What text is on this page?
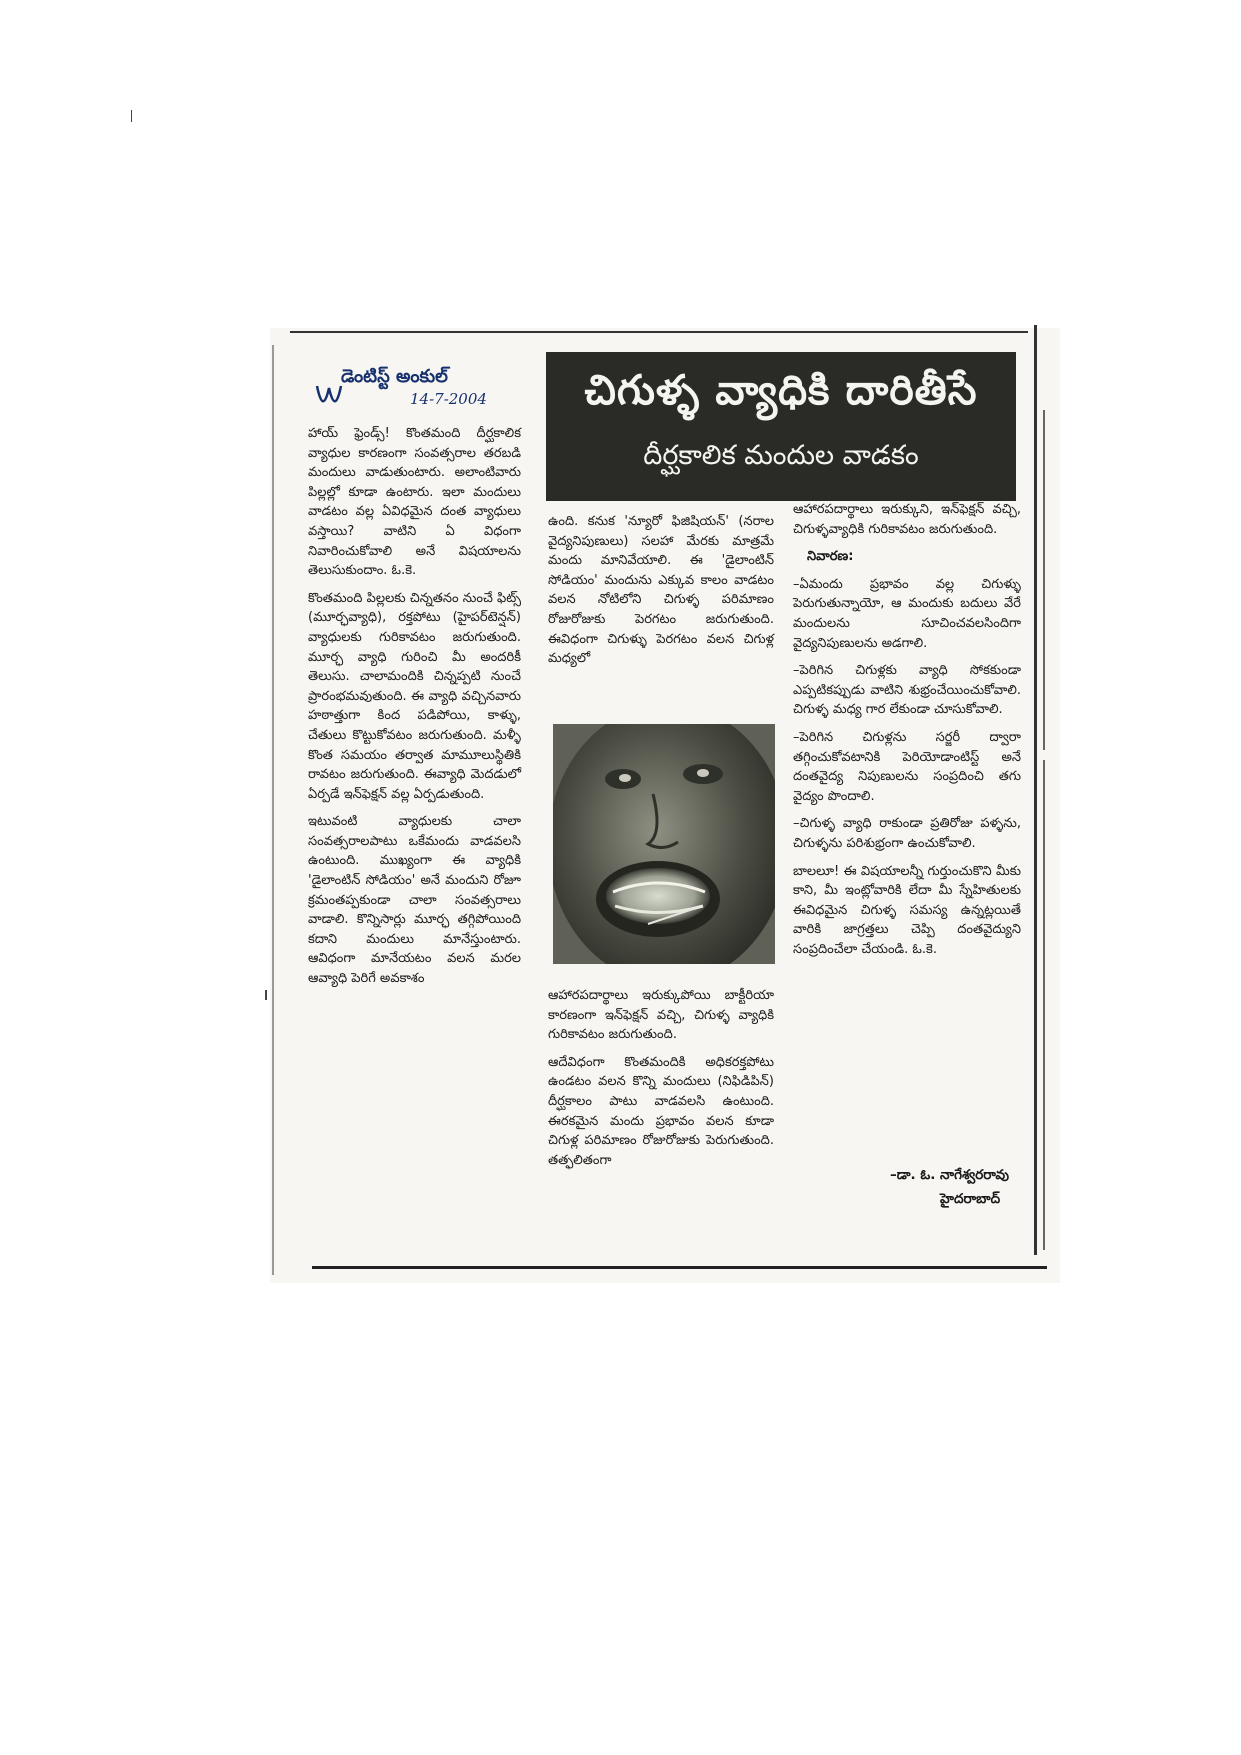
డెంటిస్ట్ అంకుల్
14-7-2004	చిగుళ్ళ వ్యాధికి దారితీసే
దీర్ఘకాలిక మందుల వాడకం

హాయ్ ఫ్రెండ్స్! కొంతమంది దీర్ఘకాలిక వ్యాధుల కారణంగా సంవత్సరాల తరబడి మందులు వాడుతుంటారు. అలాంటివారు పిల్లల్లో కూడా ఉంటారు. ఇలా మందులు వాడటం వల్ల ఏవిధమైన దంత వ్యాధులు వస్తాయి? వాటిని ఏ విధంగా నివారించుకోవాలి అనే విషయాలను తెలుసుకుందాం. ఓ.కె.

కొంతమంది పిల్లలకు చిన్నతనం నుంచే ఫిట్స్ (మూర్ఛవ్యాధి), రక్తపోటు (హైపర్‌టెన్షన్) వ్యాధులకు గురికావటం జరుగుతుంది. మూర్ఛ వ్యాధి గురించి మీ అందరికీ తెలుసు. చాలామందికి చిన్నప్పటి నుంచే ప్రారంభమవుతుంది. ఈ వ్యాధి వచ్చినవారు హఠాత్తుగా కింద పడిపోయి, కాళ్ళు, చేతులు కొట్టుకోవటం జరుగుతుంది. మళ్ళీ కొంత సమయం తర్వాత మామూలుస్థితికి రావటం జరుగుతుంది. ఈవ్యాధి మెదడులో ఏర్పడే ఇన్‌ఫెక్షన్ వల్ల ఏర్పడుతుంది.

ఇటువంటి వ్యాధులకు చాలా సంవత్సరాలపాటు ఒకేమందు వాడవలసి ఉంటుంది. ముఖ్యంగా ఈ వ్యాధికి 'డైలాంటిన్ సోడియం' అనే మందుని రోజూ క్రమంతప్పకుండా చాలా సంవత్సరాలు వాడాలి. కొన్నిసార్లు మూర్ఛ తగ్గిపోయింది కదాని మందులు మానేస్తుంటారు. ఆవిధంగా మానేయటం వలన మరల ఆవ్యాధి పెరిగే అవకాశం

ఉంది. కనుక 'న్యూరో ఫిజిషియన్' (నరాల వైద్యనిపుణులు) సలహా మేరకు మాత్రమే మందు మానివేయాలి. ఈ 'డైలాంటిన్ సోడియం' మందును ఎక్కువ కాలం వాడటం వలన నోటిలోని చిగుళ్ళ పరిమాణం రోజురోజుకు పెరగటం జరుగుతుంది. ఈవిధంగా చిగుళ్ళు పెరగటం వలన చిగుళ్ల మధ్యలో

ఆహారపదార్థాలు ఇరుక్కుపోయి బాక్టీరియా కారణంగా ఇన్‌ఫెక్షన్ వచ్చి, చిగుళ్ళ వ్యాధికి గురికావటం జరుగుతుంది.

ఆదేవిధంగా కొంతమందికి అధికరక్తపోటు ఉండటం వలన కొన్ని మందులు (నిఫిడిపిన్) దీర్ఘకాలం పాటు వాడవలసి ఉంటుంది. ఈరకమైన మందు ప్రభావం వలన కూడా చిగుళ్ల పరిమాణం రోజురోజుకు పెరుగుతుంది. తత్ఫలితంగా

ఆహారపదార్థాలు ఇరుక్కుని, ఇన్‌ఫెక్షన్ వచ్చి, చిగుళ్ళవ్యాధికి గురికావటం జరుగుతుంది.

నివారణ:

–ఏమందు ప్రభావం వల్ల చిగుళ్ళు పెరుగుతున్నాయో, ఆ మందుకు బదులు వేరే మందులను సూచించవలసిందిగా వైద్యనిపుణులను అడగాలి.

–పెరిగిన చిగుళ్లకు వ్యాధి సోకకుండా ఎప్పటికప్పుడు వాటిని శుభ్రంచేయించుకోవాలి. చిగుళ్ళ మధ్య గార లేకుండా చూసుకోవాలి.

–పెరిగిన చిగుళ్లను సర్జరీ ద్వారా తగ్గించుకోవటానికి పెరియోడాంటిస్ట్ అనే దంతవైద్య నిపుణులను సంప్రదించి తగు వైద్యం పొందాలి.

–చిగుళ్ళ వ్యాధి రాకుండా ప్రతిరోజు పళ్ళను, చిగుళ్ళను పరిశుభ్రంగా ఉంచుకోవాలి.

బాలలూ! ఈ విషయాలన్నీ గుర్తుంచుకొని మీకు కాని, మీ ఇంట్లోవారికి లేదా మీ స్నేహితులకు ఈవిధమైన చిగుళ్ళ సమస్య ఉన్నట్లయితే వారికి జాగ్రత్తలు చెప్పి దంతవైద్యుని సంప్రదించేలా చేయండి. ఓ.కె.

–డా. ఓ. నాగేశ్వరరావు
హైదరాబాద్
